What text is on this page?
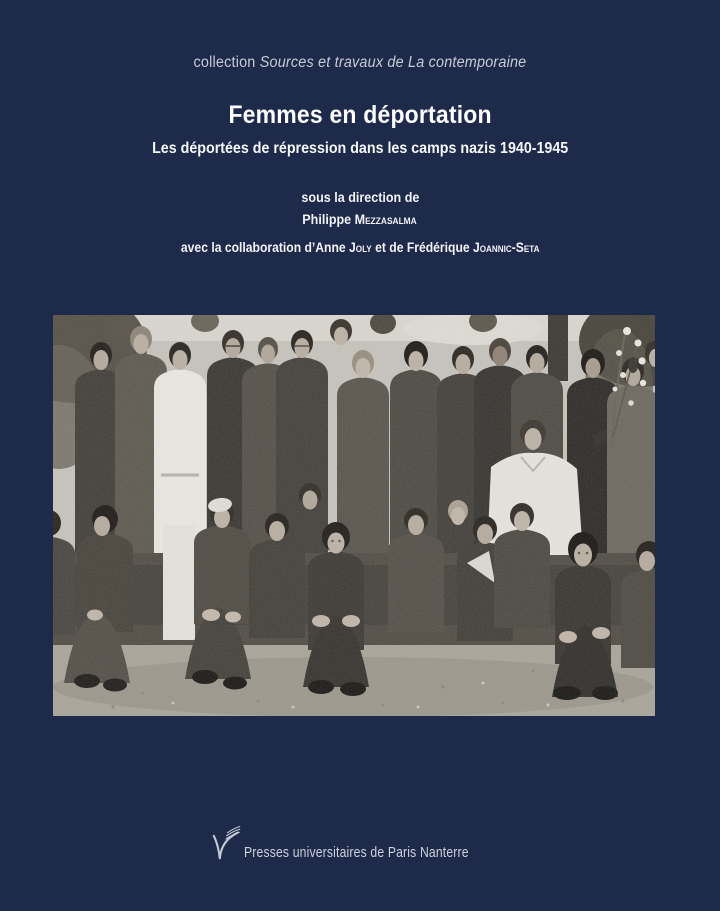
collection Sources et travaux de La contemporaine
Femmes en déportation
Les déportées de répression dans les camps nazis 1940-1945
sous la direction de
Philippe Mezzasalma
avec la collaboration d’Anne Joly et de Frédérique Joannic-Seta
Presses universitaires de Paris Nanterre
